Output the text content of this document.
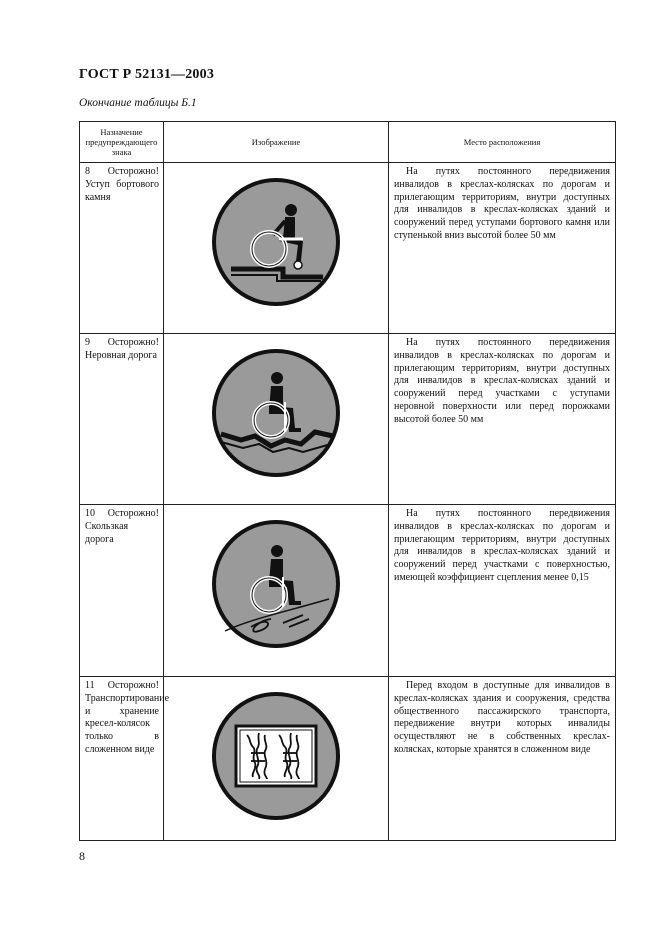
ГОСТ Р 52131—2003
Окончание таблицы Б.1
Назначение предупреждающего знака	Изображение	Место расположения

8 Осторожно! Уступ бортового камня		На путях постоянного передвижения инвалидов в креслах-колясках по дорогам и прилегающим территориям, внутри доступных для инвалидов в креслах-колясках зданий и сооружений перед уступами бортового камня или ступенькой вниз высотой более 50 мм

9 Осторожно! Неровная дорога		На путях постоянного передвижения инвалидов в креслах-колясках по дорогам и прилегающим территориям, внутри доступных для инвалидов в креслах-колясках зданий и сооружений перед участками с уступами неровной поверхности или перед порожками высотой более 50 мм

10 Осторожно! Скользкая дорога		На путях постоянного передвижения инвалидов в креслах-колясках по дорогам и прилегающим территориям, внутри доступных для инвалидов в креслах-колясках зданий и сооружений перед участками с поверхностью, имеющей коэффициент сцепления менее 0,15

11 Осторожно! Транспортирование и хранение кресел-колясок только в сложенном виде		Перед входом в доступные для инвалидов в креслах-колясках здания и сооружения, средства общественного пассажирского транспорта, передвижение внутри которых инвалиды осуществляют не в собственных креслах-колясках, которые хранятся в сложенном виде
8
